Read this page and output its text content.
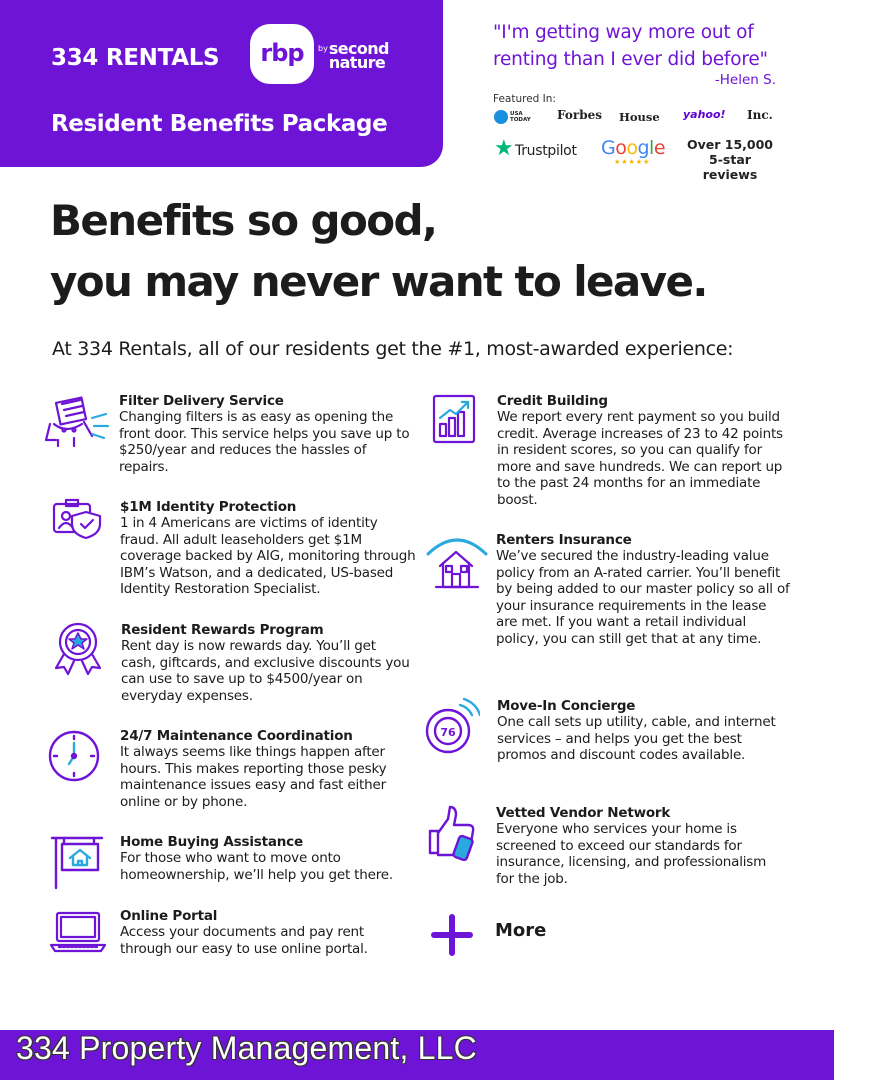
334 RENTALS	rbp	$^{by}$second nature
Resident Benefits Package
"I'm getting way more out of renting than I ever did before"
-Helen S.
Featured In:
USA TODAY Forbes House yahoo! Inc.
★ Trustpilot Google
★★★★★
Over 15,000 5-star reviews
Benefits so good,
you may never want to leave.
At 334 Rentals, all of our residents get the #1, most-awarded experience:
Filter Delivery Service
Changing filters is as easy as opening the front door. This service helps you save up to $250/year and reduces the hassles of repairs.
$1M Identity Protection
1 in 4 Americans are victims of identity fraud. All adult leaseholders get $1M coverage backed by AIG, monitoring through IBM’s Watson, and a dedicated, US-based Identity Restoration Specialist.
Resident Rewards Program
Rent day is now rewards day. You’ll get cash, giftcards, and exclusive discounts you can use to save up to $4500/year on everyday expenses.
24/7 Maintenance Coordination
It always seems like things happen after hours. This makes reporting those pesky maintenance issues easy and fast either online or by phone.
Home Buying Assistance
For those who want to move onto homeownership, we’ll help you get there.
Online Portal
Access your documents and pay rent through our easy to use online portal.
Credit Building
We report every rent payment so you build credit. Average increases of 23 to 42 points in resident scores, so you can qualify for more and save hundreds. We can report up to the past 24 months for an immediate boost.
Renters Insurance
We’ve secured the industry-leading value policy from an A-rated carrier. You’ll benefit by being added to our master policy so all of your insurance requirements in the lease are met. If you want a retail individual policy, you can still get that at any time.
76
Move-In Concierge
One call sets up utility, cable, and internet services – and helps you get the best promos and discount codes available.
Vetted Vendor Network
Everyone who services your home is screened to exceed our standards for insurance, licensing, and professionalism for the job.
More
334 Property Management, LLC
